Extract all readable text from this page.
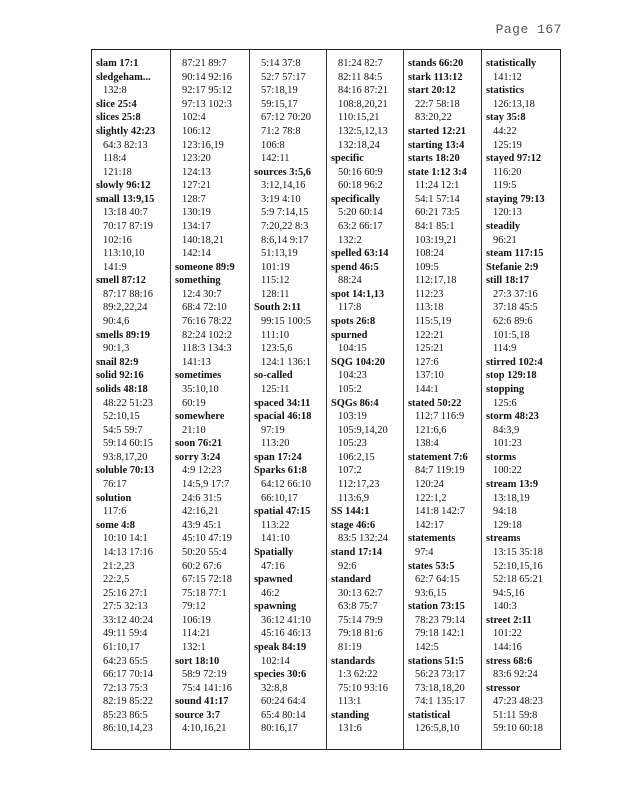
Page 167
slam 17:1
sledgeham...
132:8
slice 25:4
slices 25:8
slightly 42:23
64:3 82:13
118:4
121:18
slowly 96:12
small 13:9,15
13:18 40:7
70:17 87:19
102:16
113:10,10
141:9
smell 87:12
87:17 88:16
89:2,22,24
90:4,6
smells 89:19
90:1,3
snail 82:9
solid 92:16
solids 48:18
48:22 51:23
52:10,15
54:5 59:7
59:14 60:15
93:8,17,20
soluble 70:13
76:17
solution
117:6
some 4:8
10:10 14:1
14:13 17:16
21:2,23
22:2,5
25:16 27:1
27:5 32:13
33:12 40:24
49:11 59:4
61:10,17
64:23 65:5
66:17 70:14
72:13 75:3
82:19 85:22
85:23 86:5
86:10,14,23
87:21 89:7
90:14 92:16
92:17 95:12
97:13 102:3
102:4
106:12
123:16,19
123:20
124:13
127:21
128:7
130:19
134:17
140:18,21
142:14
someone 89:9
something
12:4 30:7
68:4 72:10
76:16 78:22
82:24 102:2
118:3 134:3
141:13
sometimes
35:10,10
60:19
somewhere
21:10
soon 76:21
sorry 3:24
4:9 12:23
14:5,9 17:7
24:6 31:5
42:16,21
43:9 45:1
45:10 47:19
50:20 55:4
60:2 67:6
67:15 72:18
75:18 77:1
79:12
106:19
114:21
132:1
sort 18:10
58:9 72:19
75:4 141:16
sound 41:17
source 3:7
4:10,16,21
5:14 37:8
52:7 57:17
57:18,19
59:15,17
67:12 70:20
71:2 78:8
106:8
142:11
sources 3:5,6
3:12,14,16
3:19 4:10
5:9 7:14,15
7:20,22 8:3
8:6,14 9:17
51:13,19
101:19
115:12
128:11
South 2:11
99:15 100:5
111:10
123:5,6
124:1 136:1
so-called
125:11
spaced 34:11
spacial 46:18
97:19
113:20
span 17:24
Sparks 61:8
64:12 66:10
66:10,17
spatial 47:15
113:22
141:10
Spatially
47:16
spawned
46:2
spawning
36:12 41:10
45:16 46:13
speak 84:19
102:14
species 30:6
32:8,8
60:24 64:4
65:4 80:14
80:16,17
81:24 82:7
82:11 84:5
84:16 87:21
108:8,20,21
110:15,21
132:5,12,13
132:18,24
specific
50:16 60:9
60:18 96:2
specifically
5:20 60:14
63:2 66:17
132:2
spelled 63:14
spend 46:5
88:24
spot 14:1,13
117:8
spots 26:8
spurned
104:15
SQG 104:20
104:23
105:2
SQGs 86:4
103:19
105:9,14,20
105:23
106:2,15
107:2
112:17,23
113:6,9
SS 144:1
stage 46:6
83:5 132:24
stand 17:14
92:6
standard
30:13 62:7
63:8 75:7
75:14 79:9
79:18 81:6
81:19
standards
1:3 62:22
75:10 93:16
113:1
standing
131:6
stands 66:20
stark 113:12
start 20:12
22:7 58:18
83:20,22
started 12:21
starting 13:4
starts 18:20
state 1:12 3:4
11:24 12:1
54:1 57:14
60:21 73:5
84:1 85:1
103:19,21
108:24
109:5
112:17,18
112:23
113:18
115:5,19
122:21
125:21
127:6
137:10
144:1
stated 50:22
112:7 116:9
121:6,6
138:4
statement 7:6
84:7 119:19
120:24
122:1,2
141:8 142:7
142:17
statements
97:4
states 53:5
62:7 64:15
93:6,15
station 73:15
78:23 79:14
79:18 142:1
142:5
stations 51:5
56:23 73:17
73:18,18,20
74:1 135:17
statistical
126:5,8,10
statistically
141:12
statistics
126:13,18
stay 35:8
44:22
125:19
stayed 97:12
116:20
119:5
staying 79:13
120:13
steadily
96:21
steam 117:15
Stefanie 2:9
still 18:17
27:3 37:16
37:18 45:5
62:6 89:6
101:5,18
114:9
stirred 102:4
stop 129:18
stopping
125:6
storm 48:23
84:3,9
101:23
storms
100:22
stream 13:9
13:18,19
94:18
129:18
streams
13:15 35:18
52:10,15,16
52:18 65:21
94:5,16
140:3
street 2:11
101:22
144:16
stress 68:6
83:6 92:24
stressor
47:23 48:23
51:11 59:8
59:10 60:18
